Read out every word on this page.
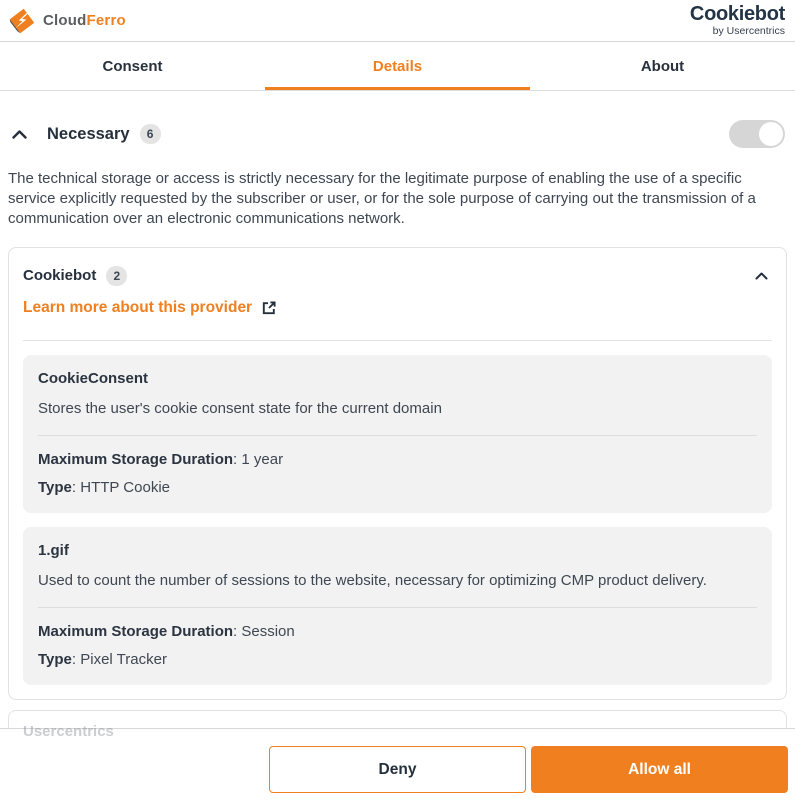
CloudFerro	Cookiebot
by Usercentrics
Consent	Details	About
Necessary	6

The technical storage or access is strictly necessary for the legitimate purpose of enabling the use of a specific service explicitly requested by the subscriber or user, or for the sole purpose of carrying out the transmission of a communication over an electronic communications network.

Cookiebot	2
Learn more about this provider
CookieConsent
Stores the user's cookie consent state for the current domain
Maximum Storage Duration: 1 year
Type: HTTP Cookie
1.gif
Used to count the number of sessions to the website, necessary for optimizing CMP product delivery.
Maximum Storage Duration: Session
Type: Pixel Tracker
Usercentrics
Deny	Allow all
